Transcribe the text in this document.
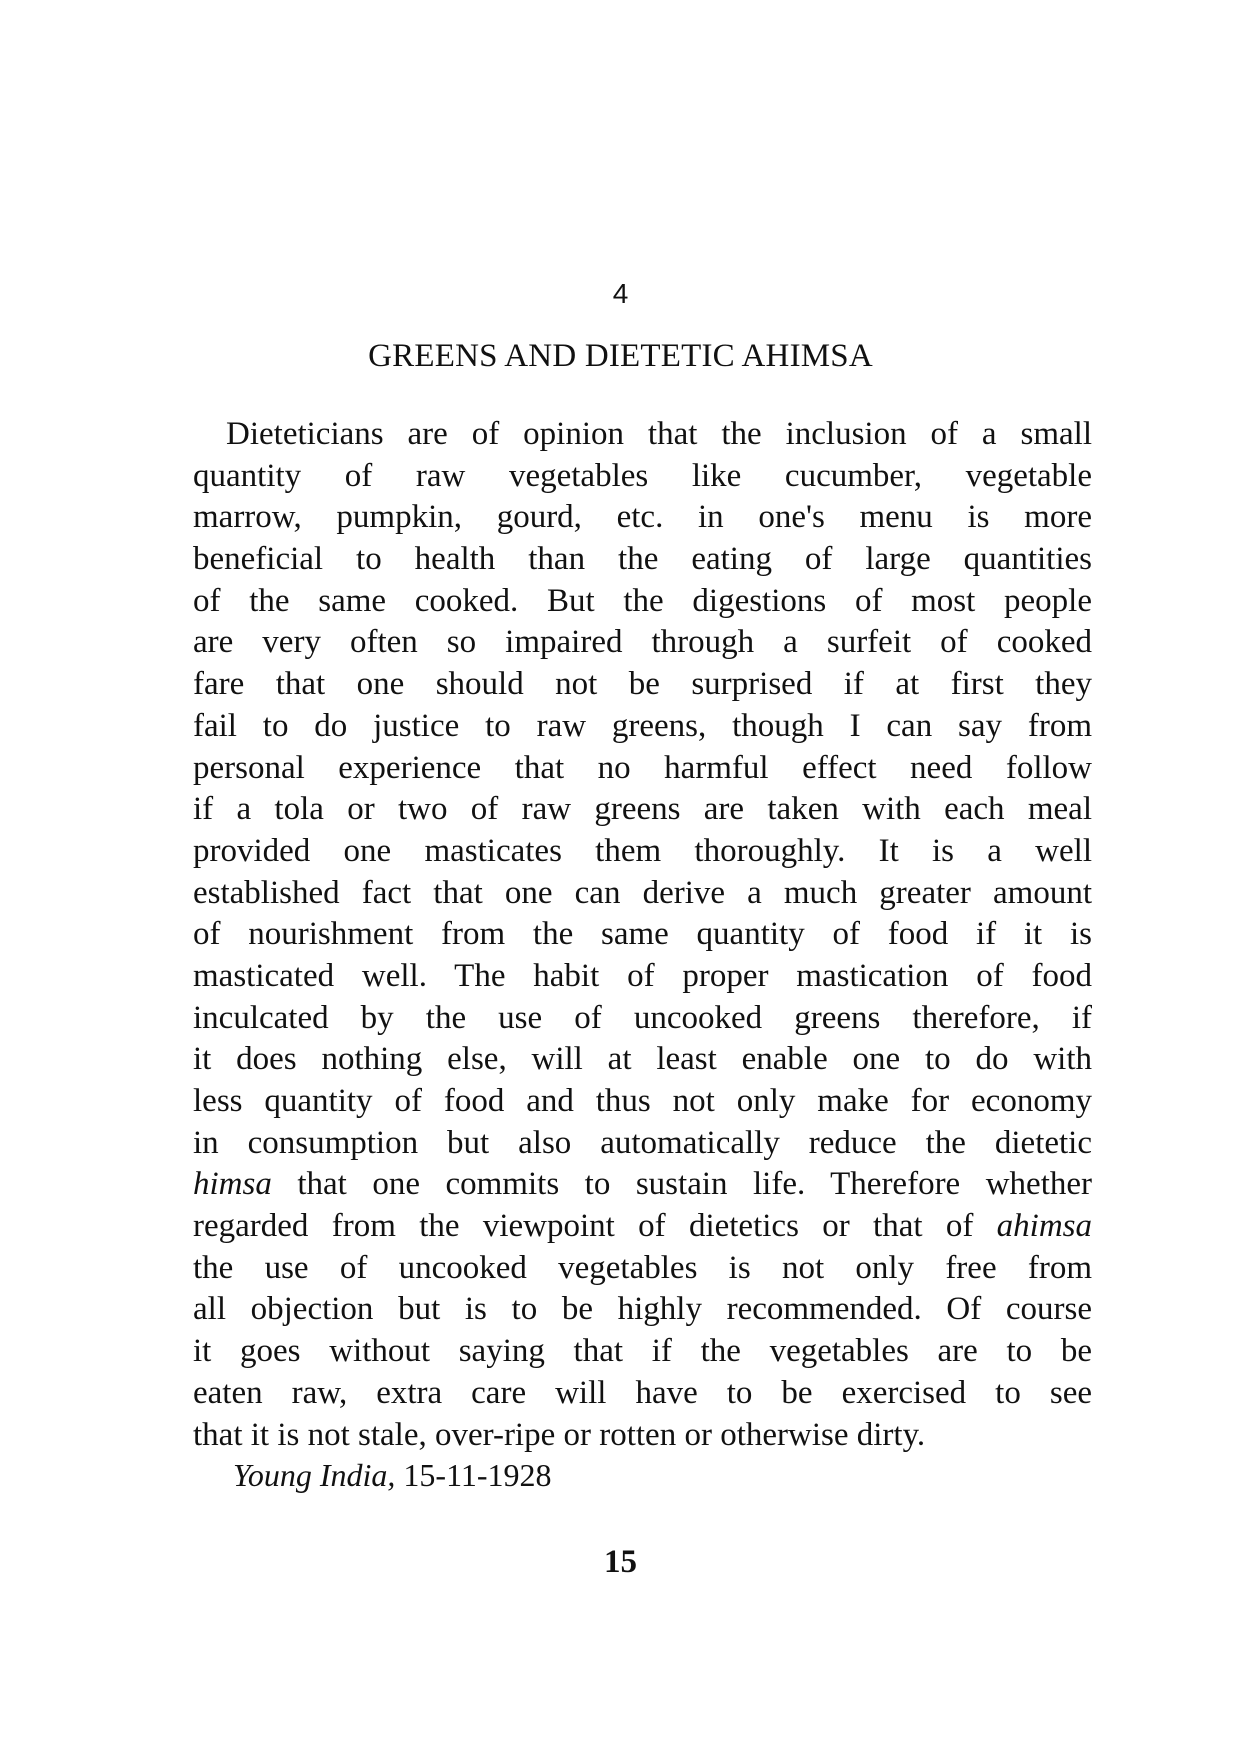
4
GREENS AND DIETETIC AHIMSA
Dieteticians are of opinion that the inclusion of a small
quantity of raw vegetables like cucumber, vegetable
marrow, pumpkin, gourd, etc. in one's menu is more
beneficial to health than the eating of large quantities
of the same cooked. But the digestions of most people
are very often so impaired through a surfeit of cooked
fare that one should not be surprised if at first they
fail to do justice to raw greens, though I can say from
personal experience that no harmful effect need follow
if a tola or two of raw greens are taken with each meal
provided one masticates them thoroughly. It is a well
established fact that one can derive a much greater amount
of nourishment from the same quantity of food if it is
masticated well. The habit of proper mastication of food
inculcated by the use of uncooked greens therefore, if
it does nothing else, will at least enable one to do with
less quantity of food and thus not only make for economy
in consumption but also automatically reduce the dietetic
himsa that one commits to sustain life. Therefore whether
regarded from the viewpoint of dietetics or that of ahimsa
the use of uncooked vegetables is not only free from
all objection but is to be highly recommended. Of course
it goes without saying that if the vegetables are to be
eaten raw, extra care will have to be exercised to see
that it is not stale, over-ripe or rotten or otherwise dirty.
Young India, 15-11-1928
15
